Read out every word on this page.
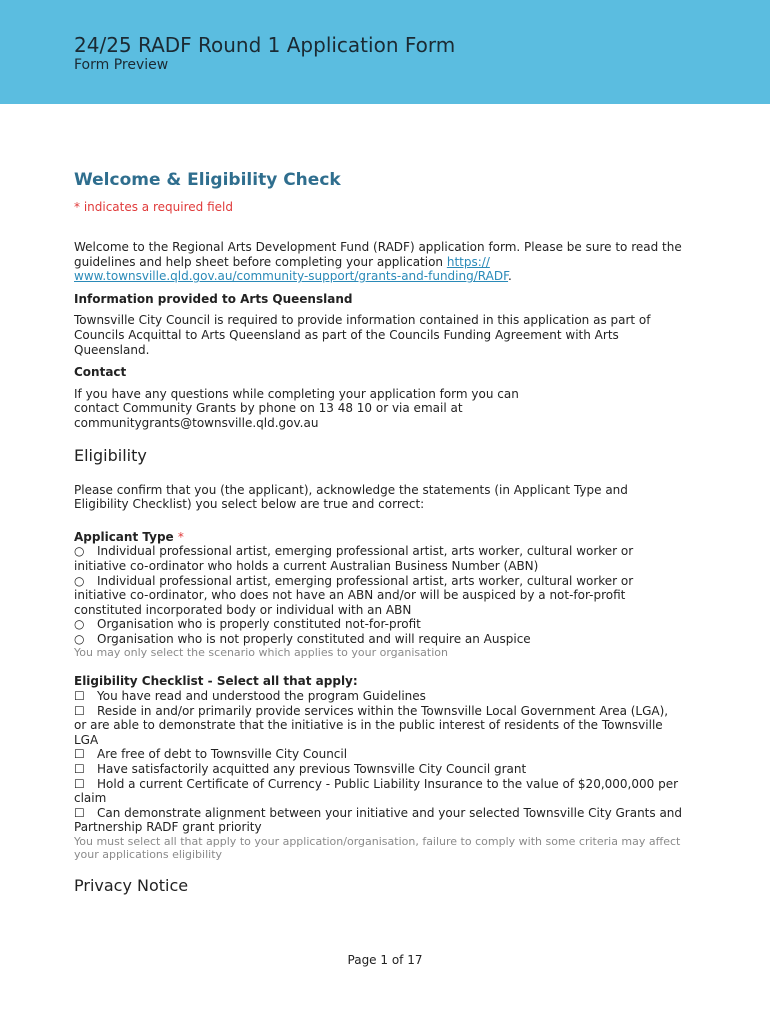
24/25 RADF Round 1 Application Form
Form Preview
Welcome & Eligibility Check
* indicates a required field

Welcome to the Regional Arts Development Fund (RADF) application form. Please be sure to read the guidelines and help sheet before completing your application https:// www.townsville.qld.gov.au/community-support/grants-and-funding/RADF.

Information provided to Arts Queensland

Townsville City Council is required to provide information contained in this application as part of Councils Acquittal to Arts Queensland as part of the Councils Funding Agreement with Arts Queensland.

Contact

If you have any questions while completing your application form you can contact Community Grants by phone on 13 48 10 or via email at communitygrants@townsville.qld.gov.au

Eligibility

Please confirm that you (the applicant), acknowledge the statements (in Applicant Type and Eligibility Checklist) you select below are true and correct:

Applicant Type *
○ Individual professional artist, emerging professional artist, arts worker, cultural worker or initiative co-ordinator who holds a current Australian Business Number (ABN)
○ Individual professional artist, emerging professional artist, arts worker, cultural worker or initiative co-ordinator, who does not have an ABN and/or will be auspiced by a not-for-profit constituted incorporated body or individual with an ABN
○ Organisation who is properly constituted not-for-profit
○ Organisation who is not properly constituted and will require an Auspice
You may only select the scenario which applies to your organisation
Eligibility Checklist - Select all that apply:
☐ You have read and understood the program Guidelines
☐ Reside in and/or primarily provide services within the Townsville Local Government Area (LGA), or are able to demonstrate that the initiative is in the public interest of residents of the Townsville LGA
☐ Are free of debt to Townsville City Council
☐ Have satisfactorily acquitted any previous Townsville City Council grant
☐ Hold a current Certificate of Currency - Public Liability Insurance to the value of $20,000,000 per claim
☐ Can demonstrate alignment between your initiative and your selected Townsville City Grants and Partnership RADF grant priority
You must select all that apply to your application/organisation, failure to comply with some criteria may affect your applications eligibility
Privacy Notice
Page 1 of 17
